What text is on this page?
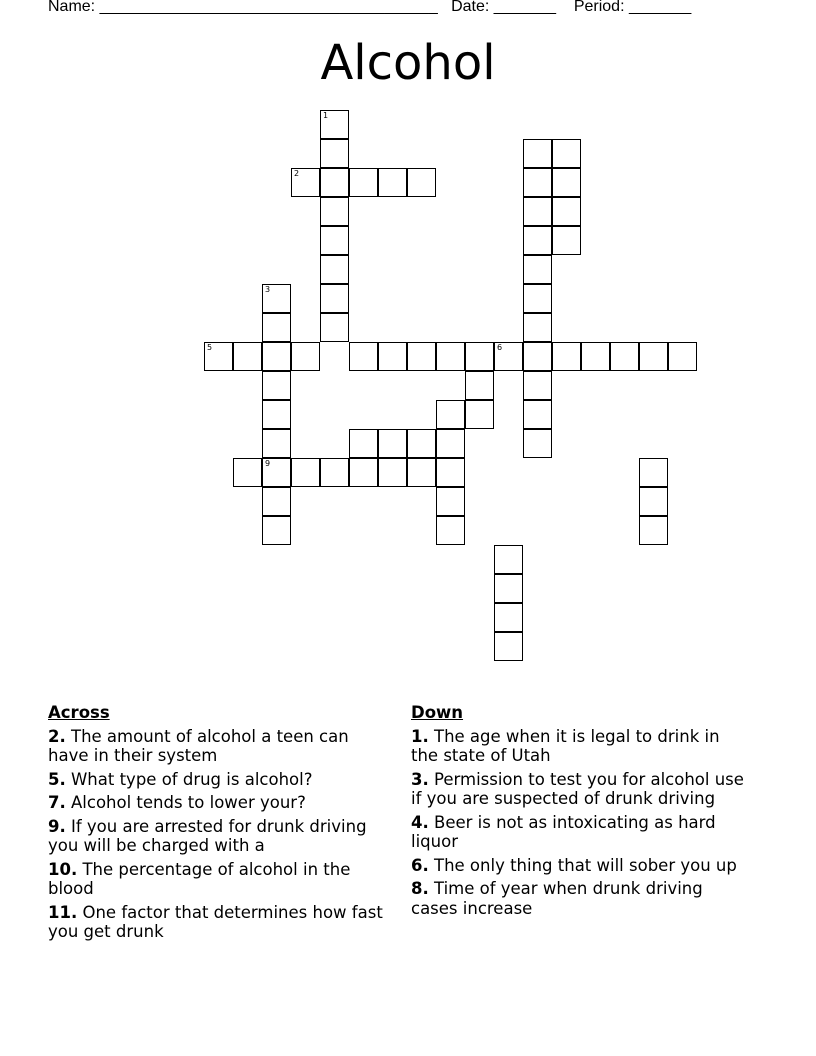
Name: ______________________________________ Date: _______ Period: _______
Alcohol
1
2
3
9
5	6
Across
2. The amount of alcohol a teen can have in their system
5. What type of drug is alcohol?
7. Alcohol tends to lower your?
9. If you are arrested for drunk driving you will be charged with a
10. The percentage of alcohol in the blood
11. One factor that determines how fast you get drunk
Down
1. The age when it is legal to drink in the state of Utah
3. Permission to test you for alcohol use if you are suspected of drunk driving
4. Beer is not as intoxicating as hard liquor
6. The only thing that will sober you up
8. Time of year when drunk driving cases increase
